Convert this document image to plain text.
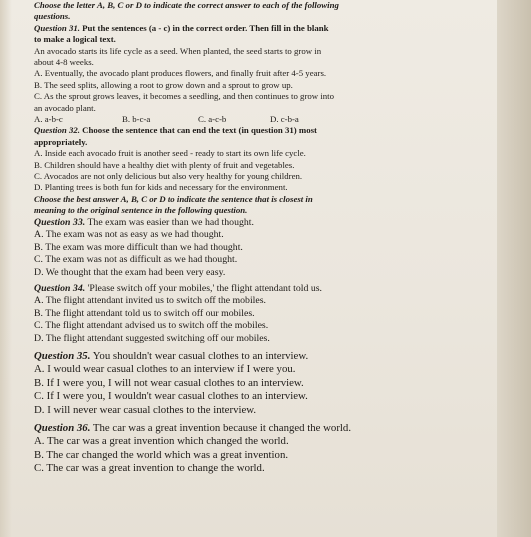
Choose the letter A, B, C or D to indicate the correct answer to each of the following
questions.
Question 31. Put the sentences (a - c) in the correct order. Then fill in the blank
to make a logical text.
An avocado starts its life cycle as a seed. When planted, the seed starts to grow in
about 4-8 weeks.
A. Eventually, the avocado plant produces flowers, and finally fruit after 4-5 years.
B. The seed splits, allowing a root to grow down and a sprout to grow up.
C. As the sprout grows leaves, it becomes a seedling, and then continues to grow into
an avocado plant.
A. a-b-c	B. b-c-a	C. a-c-b	D. c-b-a
Question 32. Choose the sentence that can end the text (in question 31) most
appropriately.
A. Inside each avocado fruit is another seed - ready to start its own life cycle.
B. Children should have a healthy diet with plenty of fruit and vegetables.
C. Avocados are not only delicious but also very healthy for young children.
D. Planting trees is both fun for kids and necessary for the environment.
Choose the best answer A, B, C or D to indicate the sentence that is closest in
meaning to the original sentence in the following question.
Question 33. The exam was easier than we had thought.
A. The exam was not as easy as we had thought.
B. The exam was more difficult than we had thought.
C. The exam was not as difficult as we had thought.
D. We thought that the exam had been very easy.
Question 34. 'Please switch off your mobiles,' the flight attendant told us.
A. The flight attendant invited us to switch off the mobiles.
B. The flight attendant told us to switch off our mobiles.
C. The flight attendant advised us to switch off the mobiles.
D. The flight attendant suggested switching off our mobiles.
Question 35. You shouldn't wear casual clothes to an interview.
A. I would wear casual clothes to an interview if I were you.
B. If I were you, I will not wear casual clothes to an interview.
C. If I were you, I wouldn't wear casual clothes to an interview.
D. I will never wear casual clothes to the interview.
Question 36. The car was a great invention because it changed the world.
A. The car was a great invention which changed the world.
B. The car changed the world which was a great invention.
C. The car was a great invention to change the world.
